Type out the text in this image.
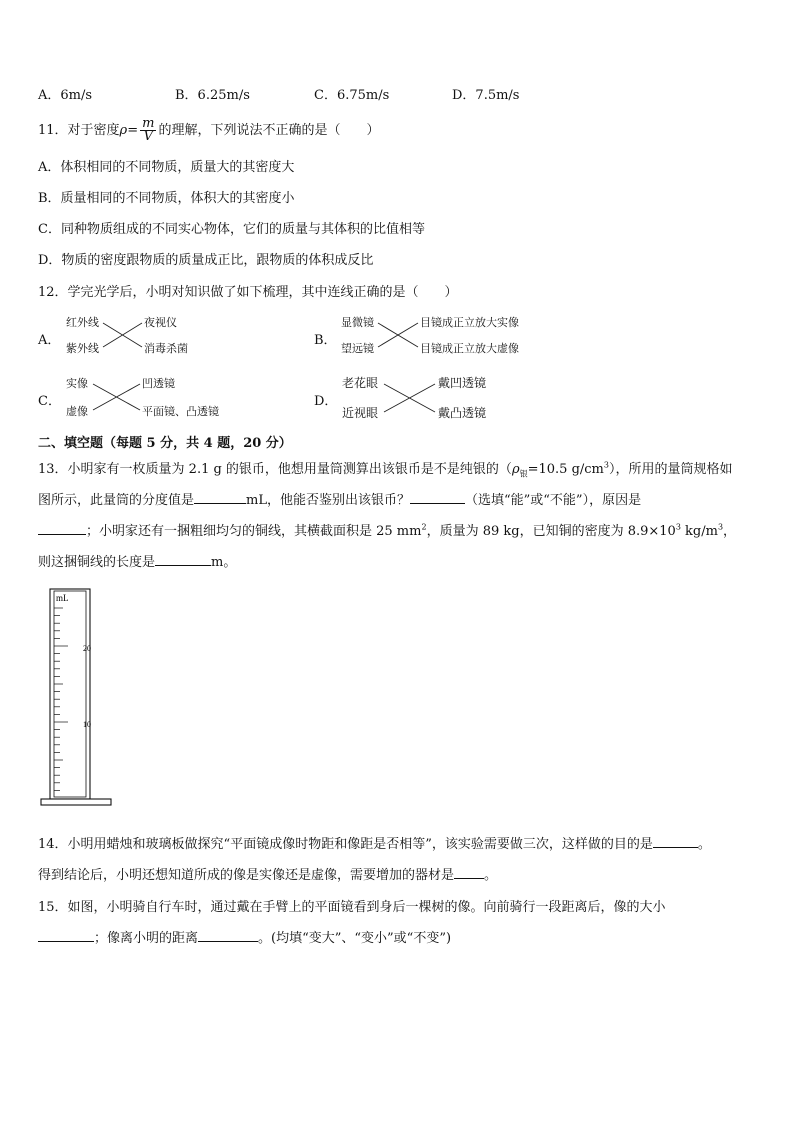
A．6m/s	B．6.25m/s	C．6.75m/s	D．7.5m/s
11．对于密度$\rho= \frac{m}{V}$ 的理解，下列说法不正确的是（　　）
A．体积相同的不同物质，质量大的其密度大
B．质量相同的不同物质，体积大的其密度小
C．同种物质组成的不同实心物体，它们的质量与其体积的比值相等
D．物质的密度跟物质的质量成正比，跟物质的体积成反比
12．学完光学后，小明对知识做了如下梳理，其中连线正确的是（　　）
A．
红外线
紫外线
夜视仪
消毒杀菌
B．
显微镜
望远镜
目镜成正立放大实像
目镜成正立放大虚像
C．
实像
虚像
凹透镜
平面镜、凸透镜
D．
老花眼
近视眼
戴凹透镜
戴凸透镜
二、填空题（每题 5 分，共 4 题，20 分）
13．小明家有一枚质量为 2.1 g 的银币，他想用量筒测算出该银币是不是纯银的（$\rho_银=10.5$ $g/cm^3$），所用的量筒规格如
图所示，此量筒的分度值是	mL，他能否鉴别出该银币？	（选填“能”或“不能”），原因是
；小明家还有一捆粗细均匀的铜线，其横截面积是 25 $mm^2$，质量为 89 kg，已知铜的密度为 $8.9\times 10^3$ $kg/m^3$，
则这捆铜线的长度是	m。
mL
20
10
14．小明用蜡烛和玻璃板做探究“平面镜成像时物距和像距是否相等”，该实验需要做三次，这样做的目的是	。
得到结论后，小明还想知道所成的像是实像还是虚像，需要增加的器材是 。
15．如图，小明骑自行车时，通过戴在手臂上的平面镜看到身后一棵树的像。向前骑行一段距离后，像的大小
；像离小明的距离	。(均填“变大”、“变小”或“不变”)
